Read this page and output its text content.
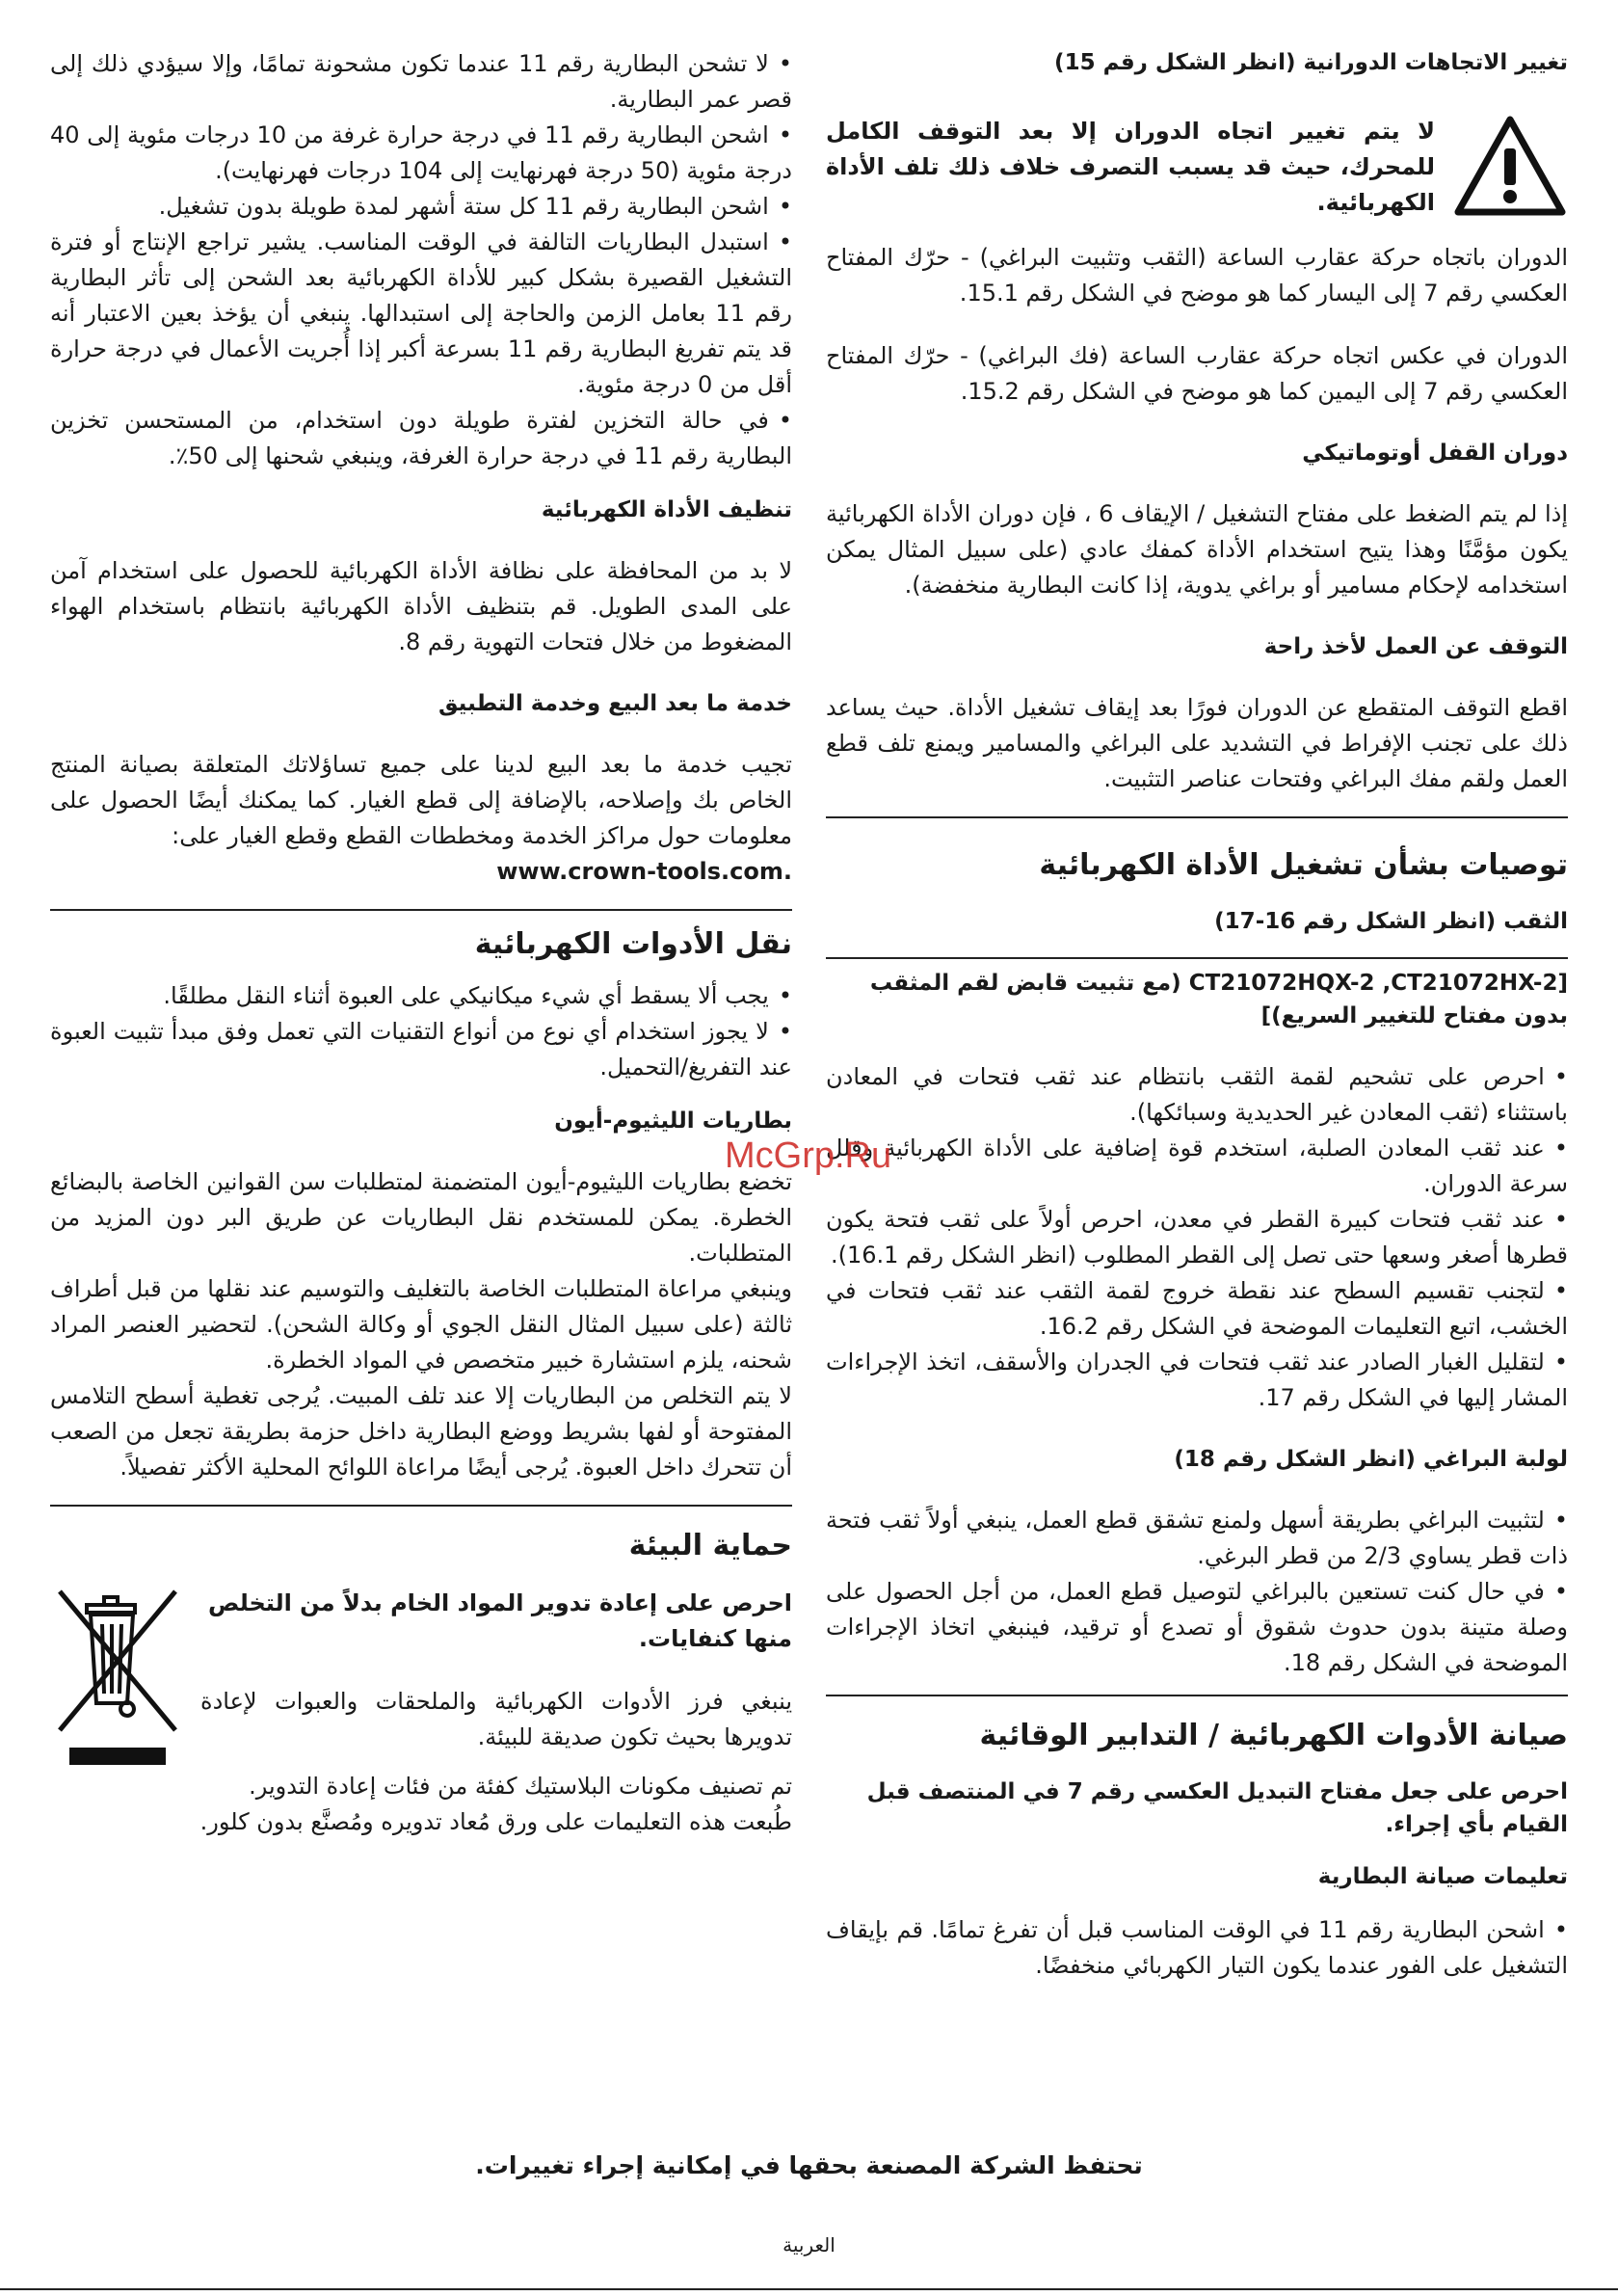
تغيير الاتجاهات الدورانية (انظر الشكل رقم 15)
لا يتم تغيير اتجاه الدوران إلا بعد التوقف الكامل للمحرك، حيث قد يسبب التصرف خلاف ذلك تلف الأداة الكهربائية.

الدوران باتجاه حركة عقارب الساعة (الثقب وتثبيت البراغي) - حرّك المفتاح العكسي رقم 7 إلى اليسار كما هو موضح في الشكل رقم 15.1.

الدوران في عكس اتجاه حركة عقارب الساعة (فك البراغي) - حرّك المفتاح العكسي رقم 7 إلى اليمين كما هو موضح في الشكل رقم 15.2.

دوران القفل أوتوماتيكي

إذا لم يتم الضغط على مفتاح التشغيل / الإيقاف 6 ، فإن دوران الأداة الكهربائية يكون مؤمَّنًا وهذا يتيح استخدام الأداة كمفك عادي (على سبيل المثال يمكن استخدامه لإحكام مسامير أو براغي يدوية، إذا كانت البطارية منخفضة).

التوقف عن العمل لأخذ راحة

اقطع التوقف المتقطع عن الدوران فورًا بعد إيقاف تشغيل الأداة. حيث يساعد ذلك على تجنب الإفراط في التشديد على البراغي والمسامير ويمنع تلف قطع العمل ولقم مفك البراغي وفتحات عناصر التثبيت.

توصيات بشأن تشغيل الأداة الكهربائية
الثقب (انظر الشكل رقم 16-17)
[CT21072HQX-2 ,CT21072HX-2 (مع تثبيت قابض لقم المثقب بدون مفتاح للتغيير السريع)]
• احرص على تشحيم لقمة الثقب بانتظام عند ثقب فتحات في المعادن باستثناء (ثقب المعادن غير الحديدية وسبائكها).
• عند ثقب المعادن الصلبة، استخدم قوة إضافية على الأداة الكهربائية وقلل سرعة الدوران.
• عند ثقب فتحات كبيرة القطر في معدن، احرص أولاً على ثقب فتحة يكون قطرها أصغر وسعها حتى تصل إلى القطر المطلوب (انظر الشكل رقم 16.1).
• لتجنب تقسيم السطح عند نقطة خروج لقمة الثقب عند ثقب فتحات في الخشب، اتبع التعليمات الموضحة في الشكل رقم 16.2.
• لتقليل الغبار الصادر عند ثقب فتحات في الجدران والأسقف، اتخذ الإجراءات المشار إليها في الشكل رقم 17.
لولبة البراغي (انظر الشكل رقم 18)
• لتثبيت البراغي بطريقة أسهل ولمنع تشقق قطع العمل، ينبغي أولاً ثقب فتحة ذات قطر يساوي 2/3 من قطر البرغي.
• في حال كنت تستعين بالبراغي لتوصيل قطع العمل، من أجل الحصول على وصلة متينة بدون حدوث شقوق أو تصدع أو ترقيد، فينبغي اتخاذ الإجراءات الموضحة في الشكل رقم 18.
صيانة الأدوات الكهربائية / التدابير الوقائية
احرص على جعل مفتاح التبديل العكسي رقم 7 في المنتصف قبل القيام بأي إجراء.
تعليمات صيانة البطارية
• اشحن البطارية رقم 11 في الوقت المناسب قبل أن تفرغ تمامًا. قم بإيقاف التشغيل على الفور عندما يكون التيار الكهربائي منخفضًا.
• لا تشحن البطارية رقم 11 عندما تكون مشحونة تمامًا، وإلا سيؤدي ذلك إلى قصر عمر البطارية.
• اشحن البطارية رقم 11 في درجة حرارة غرفة من 10 درجات مئوية إلى 40 درجة مئوية (50 درجة فهرنهايت إلى 104 درجات فهرنهايت).
• اشحن البطارية رقم 11 كل ستة أشهر لمدة طويلة بدون تشغيل.
• استبدل البطاريات التالفة في الوقت المناسب. يشير تراجع الإنتاج أو فترة التشغيل القصيرة بشكل كبير للأداة الكهربائية بعد الشحن إلى تأثر البطارية رقم 11 بعامل الزمن والحاجة إلى استبدالها. ينبغي أن يؤخذ بعين الاعتبار أنه قد يتم تفريغ البطارية رقم 11 بسرعة أكبر إذا أُجريت الأعمال في درجة حرارة أقل من 0 درجة مئوية.
• في حالة التخزين لفترة طويلة دون استخدام، من المستحسن تخزين البطارية رقم 11 في درجة حرارة الغرفة، وينبغي شحنها إلى 50٪.
تنظيف الأداة الكهربائية

لا بد من المحافظة على نظافة الأداة الكهربائية للحصول على استخدام آمن على المدى الطويل. قم بتنظيف الأداة الكهربائية بانتظام باستخدام الهواء المضغوط من خلال فتحات التهوية رقم 8.

خدمة ما بعد البيع وخدمة التطبيق

تجيب خدمة ما بعد البيع لدينا على جميع تساؤلاتك المتعلقة بصيانة المنتج الخاص بك وإصلاحه، بالإضافة إلى قطع الغيار. كما يمكنك أيضًا الحصول على معلومات حول مراكز الخدمة ومخططات القطع وقطع الغيار على:

www.crown-tools.com.

نقل الأدوات الكهربائية
• يجب ألا يسقط أي شيء ميكانيكي على العبوة أثناء النقل مطلقًا.
• لا يجوز استخدام أي نوع من أنواع التقنيات التي تعمل وفق مبدأ تثبيت العبوة عند التفريغ/التحميل.
بطاريات الليثيوم-أيون

تخضع بطاريات الليثيوم-أيون المتضمنة لمتطلبات سن القوانين الخاصة بالبضائع الخطرة. يمكن للمستخدم نقل البطاريات عن طريق البر دون المزيد من المتطلبات.

وينبغي مراعاة المتطلبات الخاصة بالتغليف والتوسيم عند نقلها من قبل أطراف ثالثة (على سبيل المثال النقل الجوي أو وكالة الشحن). لتحضير العنصر المراد شحنه، يلزم استشارة خبير متخصص في المواد الخطرة.

لا يتم التخلص من البطاريات إلا عند تلف المبيت. يُرجى تغطية أسطح التلامس المفتوحة أو لفها بشريط ووضع البطارية داخل حزمة بطريقة تجعل من الصعب أن تتحرك داخل العبوة. يُرجى أيضًا مراعاة اللوائح المحلية الأكثر تفصيلاً.

حماية البيئة
احرص على إعادة تدوير المواد الخام بدلاً من التخلص منها كنفايات.

ينبغي فرز الأدوات الكهربائية والملحقات والعبوات لإعادة تدويرها بحيث تكون صديقة للبيئة.

تم تصنيف مكونات البلاستيك كفئة من فئات إعادة التدوير.

طُبعت هذه التعليمات على ورق مُعاد تدويره ومُصنَّع بدون كلور.

McGrp.Ru
تحتفظ الشركة المصنعة بحقها في إمكانية إجراء تغييرات.
العربية
